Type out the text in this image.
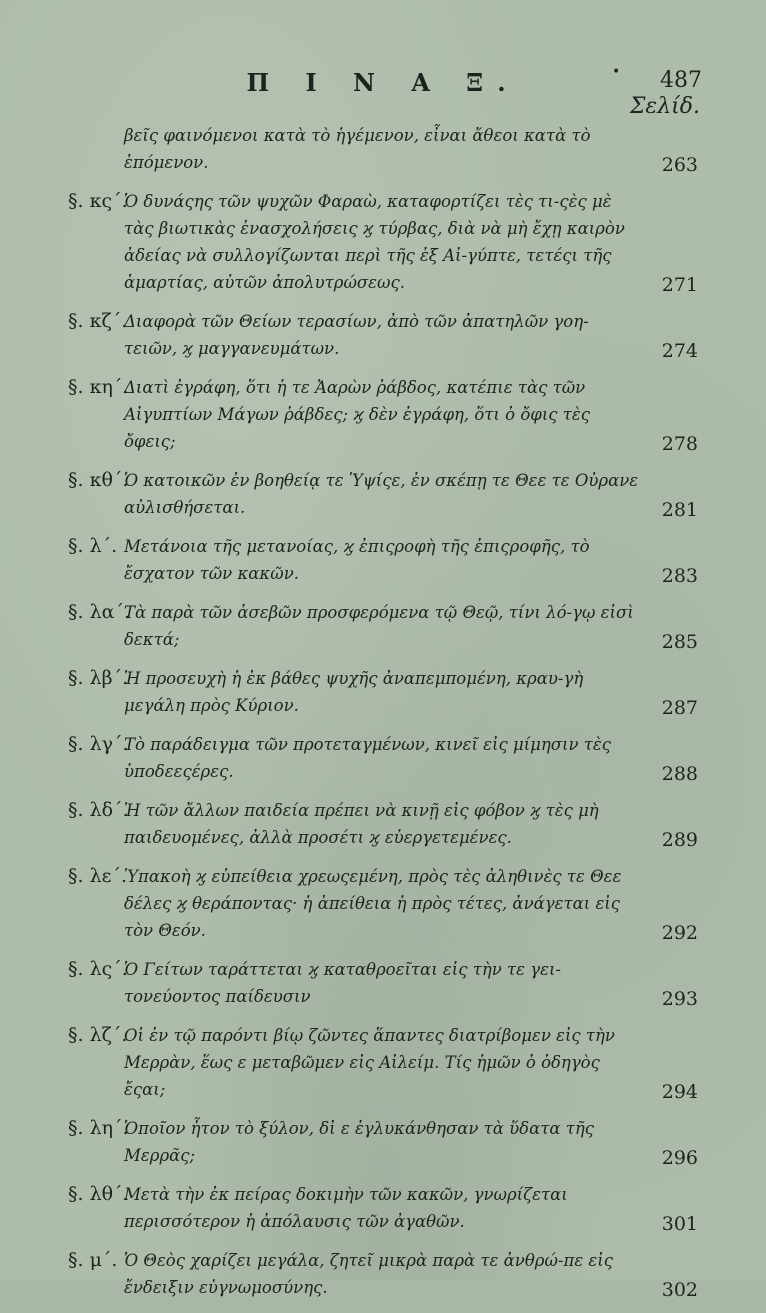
Π Ι Ν Α Ξ.	• 487
Σελίδ.
βεῖς φαινόμενοι κατὰ τὸ ἡγέμενον, εἶναι ἄθεοι κατὰ τὸ ἑπόμενον.	263
§. κς΄.
Ὁ δυνάςης τῶν ψυχῶν Φαραὼ, καταφορτίζει τὲς τι-ςὲς μὲ τὰς βιωτικὰς ἐνασχολήσεις ϗ τύρβας, διὰ νὰ μὴ ἔχῃ καιρὸν ἀδείας νὰ συλλογίζωνται περὶ τῆς ἐξ Αἰ-γύπτε, τετέςι τῆς ἁμαρτίας, αὐτῶν ἀπολυτρώσεως.	271
§. κζ΄.
Διαφορὰ τῶν Θείων τερασίων, ἀπὸ τῶν ἀπατηλῶν γοη-τειῶν, ϗ μαγγανευμάτων.	274
§. κη΄.
Διατὶ ἐγράφη, ὅτι ἡ τε Ἀαρὼν ῥάβδος, κατέπιε τὰς τῶν Αἰγυπτίων Μάγων ῥάβδες; ϗ δὲν ἐγράφη, ὅτι ὁ ὄφις τὲς ὄφεις;	278
§. κθ΄.
Ὁ κατοικῶν ἐν βοηθείᾳ τε Ὑψίςε, ἐν σκέπῃ τε Θεε τε Οὐρανε αὐλισθήσεται.	281
§. λ΄. Μετάνοια τῆς μετανοίας, ϗ ἐπιςροφὴ τῆς ἐπιςροφῆς, τὸ ἔσχατον τῶν κακῶν.	283
§. λα΄.
Τὰ παρὰ τῶν ἀσεβῶν προσφερόμενα τῷ Θεῷ, τίνι λό-γῳ εἰσὶ δεκτά;	285
§. λβ΄.
Ἡ προσευχὴ ἡ ἐκ βάθες ψυχῆς ἀναπεμπομένη, κραυ-γὴ μεγάλη πρὸς Κύριον.	287
§. λγ΄.
Τὸ παράδειγμα τῶν προτεταγμένων, κινεῖ εἰς μίμησιν τὲς ὑποδεεςέρες.	288
§. λδ΄.
Ἡ τῶν ἄλλων παιδεία πρέπει νὰ κινῇ εἰς φόβον ϗ τὲς μὴ παιδευομένες, ἀλλὰ προσέτι ϗ εὐεργετεμένες.	289
§. λε΄.
Ὑπακοὴ ϗ εὐπείθεια χρεωςεμένη, πρὸς τὲς ἀληθινὲς τε Θεε δέλες ϗ θεράποντας· ἡ ἀπείθεια ἡ πρὸς τέτες, ἀνάγεται εἰς τὸν Θεόν.	292
§. λς΄.
Ὁ Γείτων ταράττεται ϗ καταθροεῖται εἰς τὴν τε γει-τονεύοντος παίδευσιν	293
§. λζ΄.
Οἱ ἐν τῷ παρόντι βίῳ ζῶντες ἅπαντες διατρίβομεν εἰς τὴν Μερρὰν, ἕως ε μεταβῶμεν εἰς Αἰλείμ. Τίς ἡμῶν ὁ ὁδηγὸς ἔςαι;	294
§. λη΄.
Ὁποῖον ἦτον τὸ ξύλον, δἰ ε ἐγλυκάνθησαν τὰ ὕδατα τῆς Μερρᾶς;	296
§. λθ΄.
Μετὰ τὴν ἐκ πείρας δοκιμὴν τῶν κακῶν, γνωρίζεται περισσότερον ἡ ἀπόλαυσις τῶν ἀγαθῶν.	301
§. μ΄. Ὁ Θεὸς χαρίζει μεγάλα, ζητεῖ μικρὰ παρὰ τε ἀνθρώ-πε εἰς ἔνδειξιν εὐγνωμοσύνης.	302
